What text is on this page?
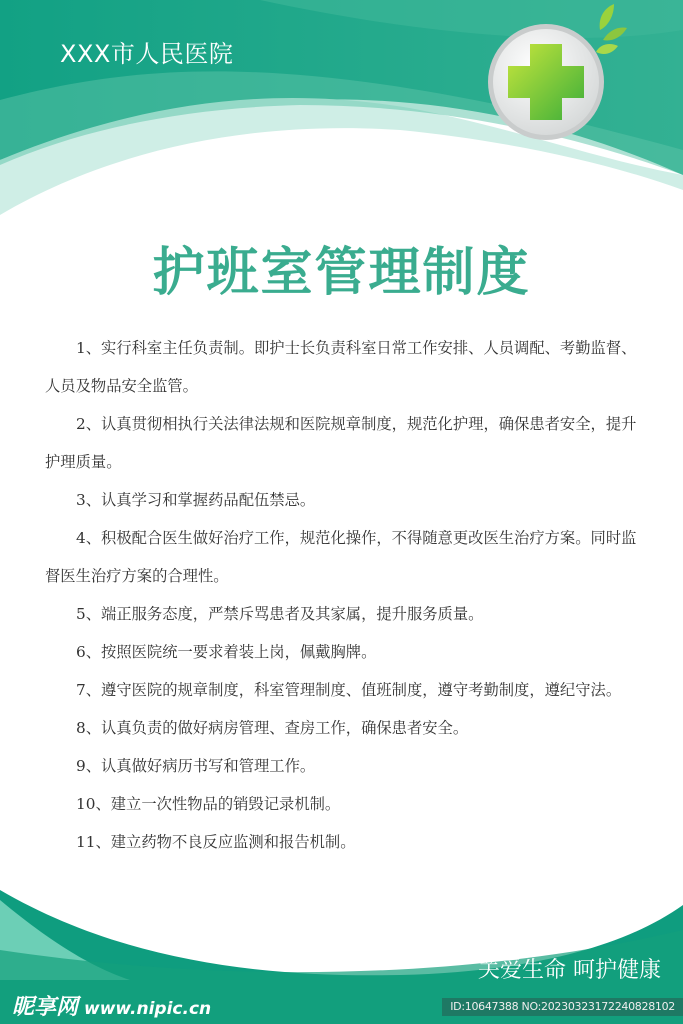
XXX市人民医院
护班室管理制度

1、实行科室主任负责制。即护士长负责科室日常工作安排、人员调配、考勤监督、人员及物品安全监管。

2、认真贯彻相执行关法律法规和医院规章制度，规范化护理，确保患者安全，提升护理质量。

3、认真学习和掌握药品配伍禁忌。

4、积极配合医生做好治疗工作，规范化操作，不得随意更改医生治疗方案。同时监督医生治疗方案的合理性。

5、端正服务态度，严禁斥骂患者及其家属，提升服务质量。

6、按照医院统一要求着装上岗，佩戴胸牌。

7、遵守医院的规章制度，科室管理制度、值班制度，遵守考勤制度，遵纪守法。

8、认真负责的做好病房管理、查房工作，确保患者安全。

9、认真做好病历书写和管理工作。

10、建立一次性物品的销毁记录机制。

11、建立药物不良反应监测和报告机制。

关爱生命 呵护健康
ID:10647388 NO:20230323172240828102
昵享网 www.nipic.cn
